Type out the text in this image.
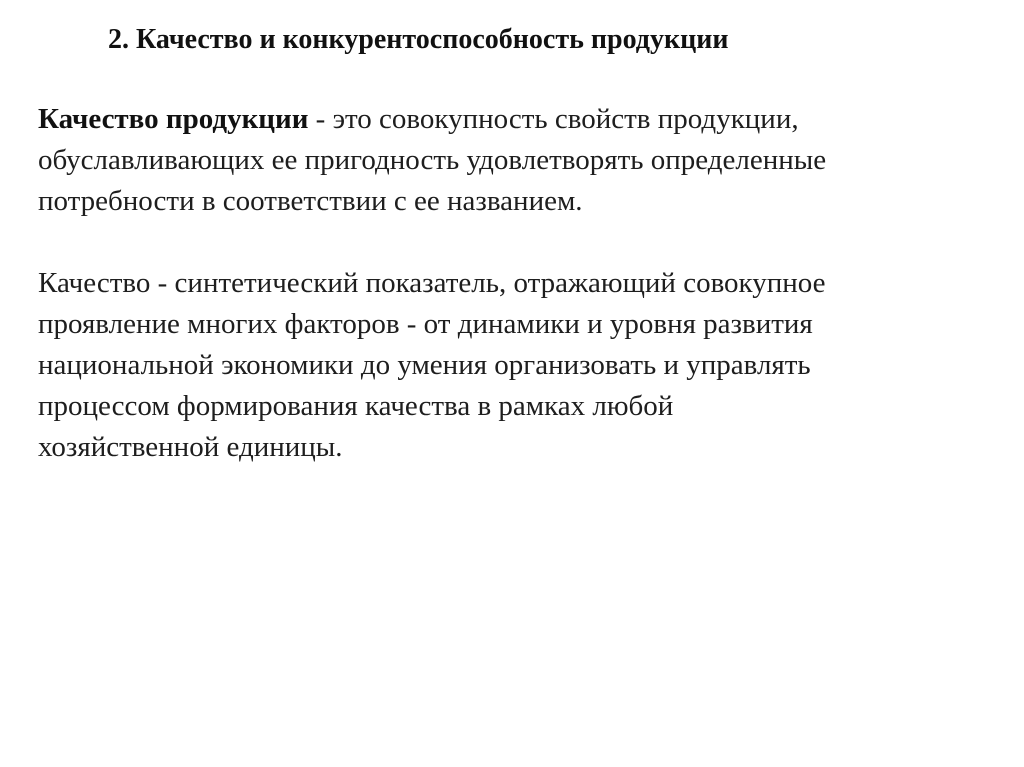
2. Качество и конкурентоспособность продукции

Качество продукции - это совокупность свойств продукции,
обуславливающих ее пригодность удовлетворять определенные
потребности в соответствии с ее названием.

Качество - синтетический показатель, отражающий совокупное
проявление многих факторов - от динамики и уровня развития
национальной экономики до умения организовать и управлять
процессом формирования качества в рамках любой
хозяйственной единицы.
